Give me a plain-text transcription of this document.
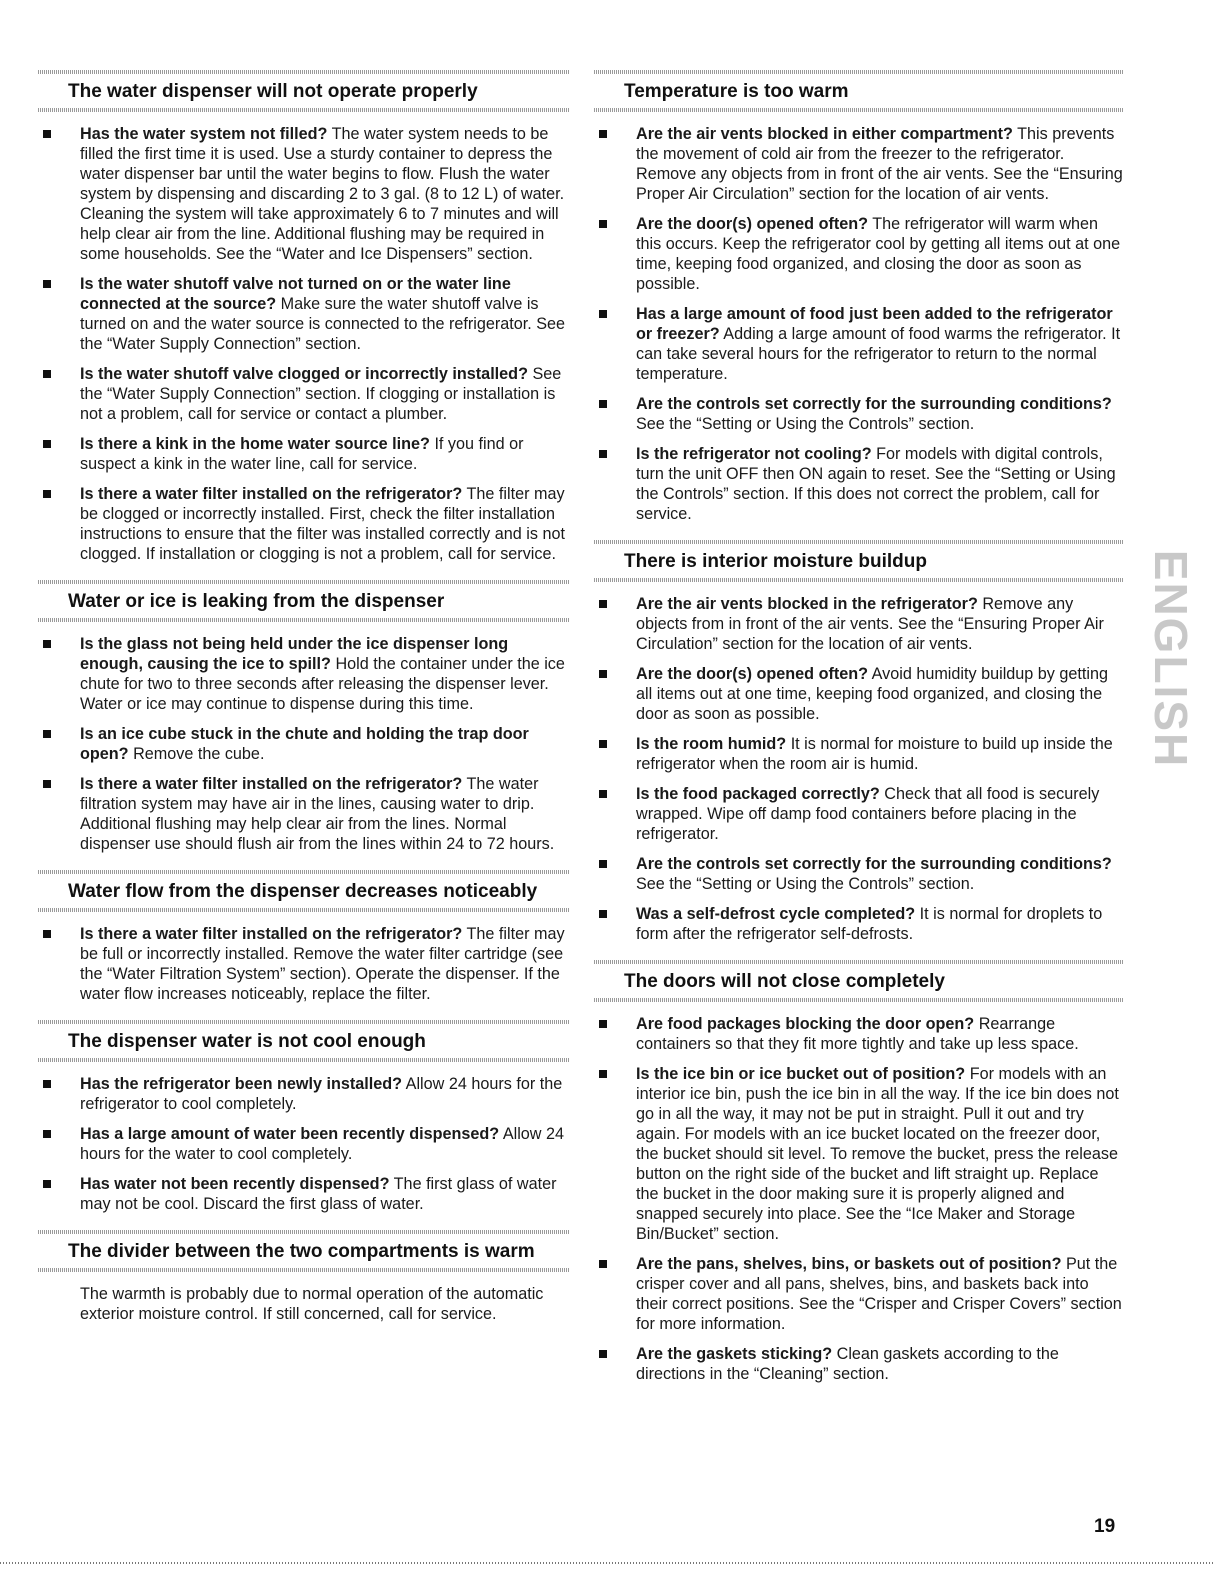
The water dispenser will not operate properly
Has the water system not filled? The water system needs to be filled the first time it is used. Use a sturdy container to depress the water dispenser bar until the water begins to flow. Flush the water system by dispensing and discarding 2 to 3 gal. (8 to 12 L) of water. Cleaning the system will take approximately 6 to 7 minutes and will help clear air from the line. Additional flushing may be required in some households. See the “Water and Ice Dispensers” section.
Is the water shutoff valve not turned on or the water line connected at the source? Make sure the water shutoff valve is turned on and the water source is connected to the refrigerator. See the “Water Supply Connection” section.
Is the water shutoff valve clogged or incorrectly installed? See the “Water Supply Connection” section. If clogging or installation is not a problem, call for service or contact a plumber.
Is there a kink in the home water source line? If you find or suspect a kink in the water line, call for service.
Is there a water filter installed on the refrigerator? The filter may be clogged or incorrectly installed. First, check the filter installation instructions to ensure that the filter was installed correctly and is not clogged. If installation or clogging is not a problem, call for service.
Water or ice is leaking from the dispenser
Is the glass not being held under the ice dispenser long enough, causing the ice to spill? Hold the container under the ice chute for two to three seconds after releasing the dispenser lever. Water or ice may continue to dispense during this time.
Is an ice cube stuck in the chute and holding the trap door open? Remove the cube.
Is there a water filter installed on the refrigerator? The water filtration system may have air in the lines, causing water to drip. Additional flushing may help clear air from the lines. Normal dispenser use should flush air from the lines within 24 to 72 hours.
Water flow from the dispenser decreases noticeably
Is there a water filter installed on the refrigerator? The filter may be full or incorrectly installed. Remove the water filter cartridge (see the “Water Filtration System” section). Operate the dispenser. If the water flow increases noticeably, replace the filter.
The dispenser water is not cool enough
Has the refrigerator been newly installed? Allow 24 hours for the refrigerator to cool completely.
Has a large amount of water been recently dispensed? Allow 24 hours for the water to cool completely.
Has water not been recently dispensed? The first glass of water may not be cool. Discard the first glass of water.
The divider between the two compartments is warm
The warmth is probably due to normal operation of the automatic exterior moisture control. If still concerned, call for service.
Temperature is too warm
Are the air vents blocked in either compartment? This prevents the movement of cold air from the freezer to the refrigerator. Remove any objects from in front of the air vents. See the “Ensuring Proper Air Circulation” section for the location of air vents.
Are the door(s) opened often? The refrigerator will warm when this occurs. Keep the refrigerator cool by getting all items out at one time, keeping food organized, and closing the door as soon as possible.
Has a large amount of food just been added to the refrigerator or freezer? Adding a large amount of food warms the refrigerator. It can take several hours for the refrigerator to return to the normal temperature.
Are the controls set correctly for the surrounding conditions? See the “Setting or Using the Controls” section.
Is the refrigerator not cooling? For models with digital controls, turn the unit OFF then ON again to reset. See the “Setting or Using the Controls” section. If this does not correct the problem, call for service.
There is interior moisture buildup
Are the air vents blocked in the refrigerator? Remove any objects from in front of the air vents. See the “Ensuring Proper Air Circulation” section for the location of air vents.
Are the door(s) opened often? Avoid humidity buildup by getting all items out at one time, keeping food organized, and closing the door as soon as possible.
Is the room humid? It is normal for moisture to build up inside the refrigerator when the room air is humid.
Is the food packaged correctly? Check that all food is securely wrapped. Wipe off damp food containers before placing in the refrigerator.
Are the controls set correctly for the surrounding conditions? See the “Setting or Using the Controls” section.
Was a self-defrost cycle completed? It is normal for droplets to form after the refrigerator self-defrosts.
The doors will not close completely
Are food packages blocking the door open? Rearrange containers so that they fit more tightly and take up less space.
Is the ice bin or ice bucket out of position? For models with an interior ice bin, push the ice bin in all the way. If the ice bin does not go in all the way, it may not be put in straight. Pull it out and try again. For models with an ice bucket located on the freezer door, the bucket should sit level. To remove the bucket, press the release button on the right side of the bucket and lift straight up. Replace the bucket in the door making sure it is properly aligned and snapped securely into place. See the “Ice Maker and Storage Bin/Bucket” section.
Are the pans, shelves, bins, or baskets out of position? Put the crisper cover and all pans, shelves, bins, and baskets back into their correct positions. See the “Crisper and Crisper Covers” section for more information.
Are the gaskets sticking? Clean gaskets according to the directions in the “Cleaning” section.
ENGLISH
19
